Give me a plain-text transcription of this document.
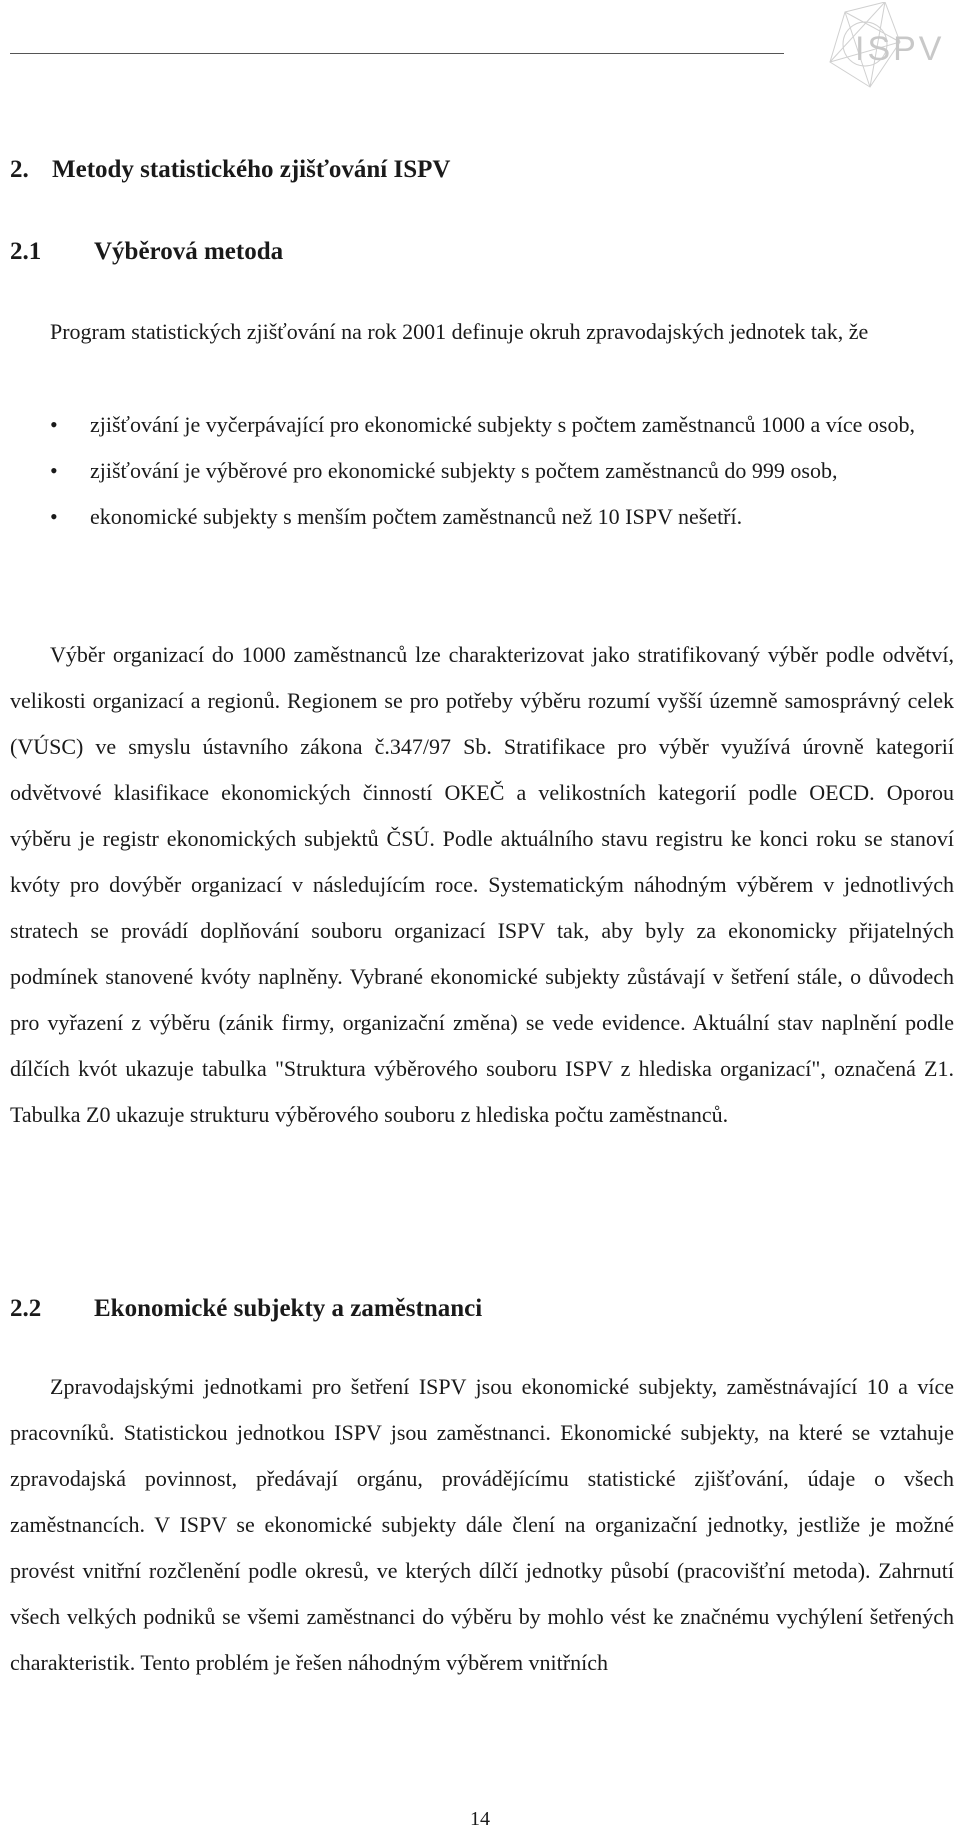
ISPV
2. Metody statistického zjišťování ISPV
2.1 Výběrová metoda

Program statistických zjišťování na rok 2001 definuje okruh zpravodajských jednotek tak, že

• zjišťování je vyčerpávající pro ekonomické subjekty s počtem zaměstnanců 1000 a více osob,
• zjišťování je výběrové pro ekonomické subjekty s počtem zaměstnanců do 999 osob,
• ekonomické subjekty s menším počtem zaměstnanců než 10 ISPV nešetří.

Výběr organizací do 1000 zaměstnanců lze charakterizovat jako stratifikovaný výběr podle odvětví, velikosti organizací a regionů. Regionem se pro potřeby výběru rozumí vyšší územně samosprávný celek (VÚSC) ve smyslu ústavního zákona č.347/97 Sb. Stratifikace pro výběr využívá úrovně kategorií odvětvové klasifikace ekonomických činností OKEČ a velikostních kategorií podle OECD. Oporou výběru je registr ekonomických subjektů ČSÚ. Podle aktuálního stavu registru ke konci roku se stanoví kvóty pro dovýběr organizací v následujícím roce. Systematickým náhodným výběrem v jednotlivých stratech se provádí doplňování souboru organizací ISPV tak, aby byly za ekonomicky přijatelných podmínek stanovené kvóty naplněny. Vybrané ekonomické subjekty zůstávají v šetření stále, o důvodech pro vyřazení z výběru (zánik firmy, organizační změna) se vede evidence. Aktuální stav naplnění podle dílčích kvót ukazuje tabulka "Struktura výběrového souboru ISPV z hlediska organizací", označená Z1. Tabulka Z0 ukazuje strukturu výběrového souboru z hlediska počtu zaměstnanců.

2.2 Ekonomické subjekty a zaměstnanci

Zpravodajskými jednotkami pro šetření ISPV jsou ekonomické subjekty, zaměstnávající 10 a více pracovníků. Statistickou jednotkou ISPV jsou zaměstnanci. Ekonomické subjekty, na které se vztahuje zpravodajská povinnost, předávají orgánu, provádějícímu statistické zjišťování, údaje o všech zaměstnancích. V ISPV se ekonomické subjekty dále člení na organizační jednotky, jestliže je možné provést vnitřní rozčlenění podle okresů, ve kterých dílčí jednotky působí (pracovišťní metoda). Zahrnutí všech velkých podniků se všemi zaměstnanci do výběru by mohlo vést ke značnému vychýlení šetřených charakteristik. Tento problém je řešen náhodným výběrem vnitřních

14
